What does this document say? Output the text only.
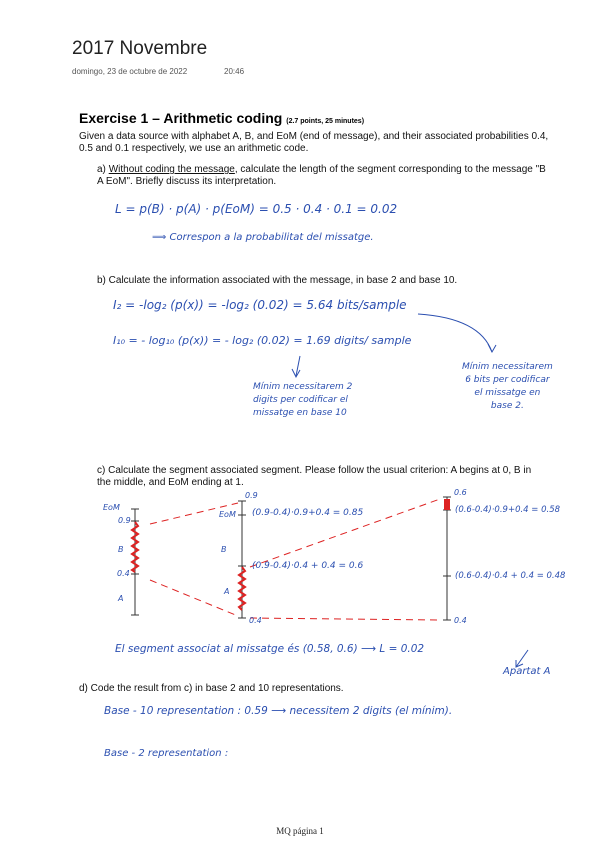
2017 Novembre
domingo, 23 de octubre de 2022	20:46
Exercise 1 – Arithmetic coding (2.7 points, 25 minutes)
Given a data source with alphabet A, B, and EoM (end of message), and their associated probabilities 0.4, 0.5 and 0.1 respectively, we use an arithmetic code.
a) Without coding the message, calculate the length of the segment corresponding to the message "B A EoM". Briefly discuss its interpretation.
L = p(B) · p(A) · p(EoM) = 0.5 · 0.4 · 0.1 = 0.02
⟹ Correspon a la probabilitat del missatge.
b) Calculate the information associated with the message, in base 2 and base 10.
I₂ = -log₂ (p(x)) = -log₂ (0.02) = 5.64 bits/sample
I₁₀ = - log₁₀ (p(x)) = - log₂ (0.02) = 1.69 digits/ sample
Mínim necessitarem 2
digits per codificar el
missatge en base 10
Mínim necessitarem
6 bits per codificar
el missatge en
base 2.
c) Calculate the segment associated segment. Please follow the usual criterion: A begins at 0, B in the middle, and EoM ending at 1.
EoM
0.9
B
0.4
A
0.9
EoM
B
A
0.4
(0.9-0.4)·0.9+0.4 = 0.85
(0.9-0.4)·0.4 + 0.4 = 0.6
0.6
0.4
(0.6-0.4)·0.9+0.4 = 0.58
(0.6-0.4)·0.4 + 0.4 = 0.48
El segment associat al missatge és (0.58, 0.6) ⟶ L = 0.02
Apartat A
d) Code the result from c) in base 2 and 10 representations.
Base - 10 representation : 0.59 ⟶ necessitem 2 digits (el mínim).
Base - 2 representation :
MQ página 1
